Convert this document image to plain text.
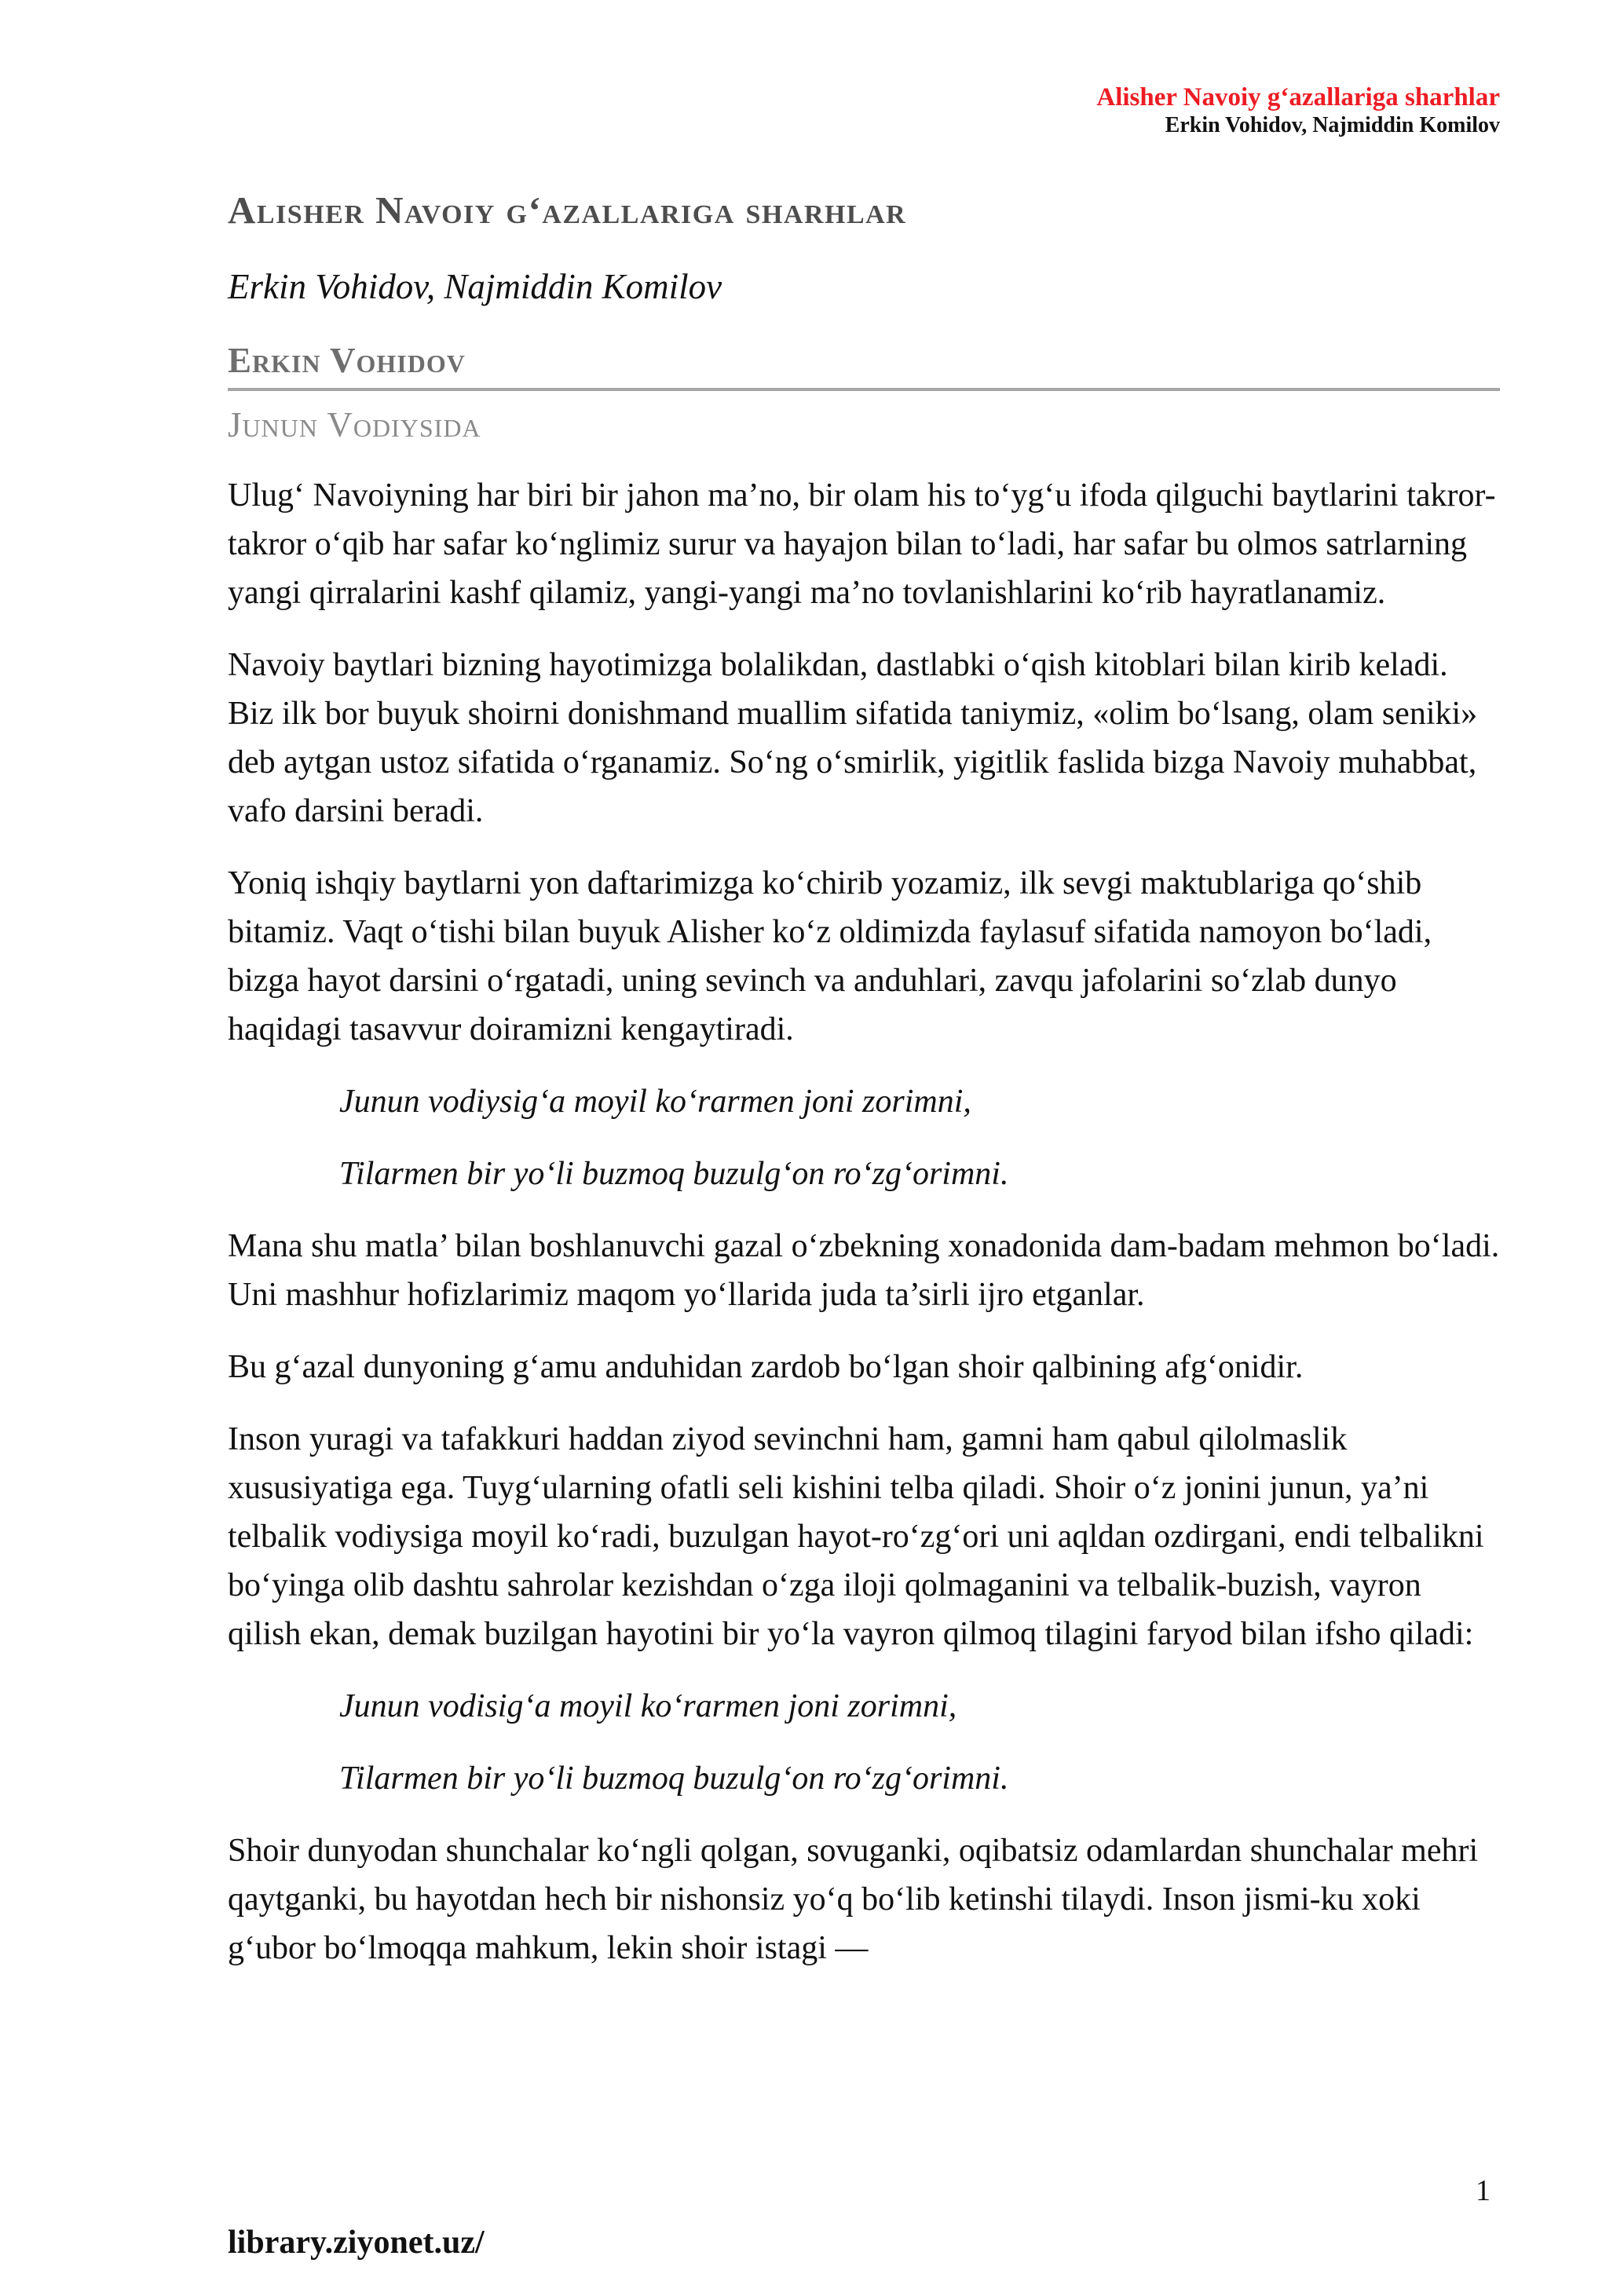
Alisher Navoiy g‘azallariga sharhlar
Erkin Vohidov, Najmiddin Komilov
Alisher Navoiy g‘azallariga sharhlar

Erkin Vohidov, Najmiddin Komilov

Erkin Vohidov
Junun Vodiysida

Ulug‘ Navoiyning har biri bir jahon ma’no, bir olam his to‘yg‘u ifoda qilguchi baytlarini takror-takror o‘qib har safar ko‘nglimiz surur va hayajon bilan to‘ladi, har safar bu olmos satrlarning yangi qirralarini kashf qilamiz, yangi-yangi ma’no tovlanishlarini ko‘rib hayratlanamiz.

Navoiy baytlari bizning hayotimizga bolalikdan, dastlabki o‘qish kitoblari bilan kirib keladi. Biz ilk bor buyuk shoirni donishmand muallim sifatida taniymiz, «olim bo‘lsang, olam seniki» deb aytgan ustoz sifatida o‘rganamiz. So‘ng o‘smirlik, yigitlik faslida bizga Navoiy muhabbat, vafo darsini beradi.

Yoniq ishqiy baytlarni yon daftarimizga ko‘chirib yozamiz, ilk sevgi maktublariga qo‘shib bitamiz. Vaqt o‘tishi bilan buyuk Alisher ko‘z oldimizda faylasuf sifatida namoyon bo‘ladi, bizga hayot darsini o‘rgatadi, uning sevinch va anduhlari, zavqu jafolarini so‘zlab dunyo haqidagi tasavvur doiramizni kengaytiradi.

Junun vodiysig‘a moyil ko‘rarmen joni zorimni,

Tilarmen bir yo‘li buzmoq buzulg‘on ro‘zg‘orimni.

Mana shu matla’ bilan boshlanuvchi gazal o‘zbekning xonadonida dam-badam mehmon bo‘ladi. Uni mashhur hofizlarimiz maqom yo‘llarida juda ta’sirli ijro etganlar.

Bu g‘azal dunyoning g‘amu anduhidan zardob bo‘lgan shoir qalbining afg‘onidir.

Inson yuragi va tafakkuri haddan ziyod sevinchni ham, gamni ham qabul qilolmaslik xususiyatiga ega. Tuyg‘ularning ofatli seli kishini telba qiladi. Shoir o‘z jonini junun, ya’ni telbalik vodiysiga moyil ko‘radi, buzulgan hayot-ro‘zg‘ori uni aqldan ozdirgani, endi telbalikni bo‘yinga olib dashtu sahrolar kezishdan o‘zga iloji qolmaganini va telbalik-buzish, vayron qilish ekan, demak buzilgan hayotini bir yo‘la vayron qilmoq tilagini faryod bilan ifsho qiladi:

Junun vodisig‘a moyil ko‘rarmen joni zorimni,

Tilarmen bir yo‘li buzmoq buzulg‘on ro‘zg‘orimni.

Shoir dunyodan shunchalar ko‘ngli qolgan, sovuganki, oqibatsiz odamlardan shunchalar mehri qaytganki, bu hayotdan hech bir nishonsiz yo‘q bo‘lib ketinshi tilaydi. Inson jismi-ku xoki g‘ubor bo‘lmoqqa mahkum, lekin shoir istagi —

1
library.ziyonet.uz/
